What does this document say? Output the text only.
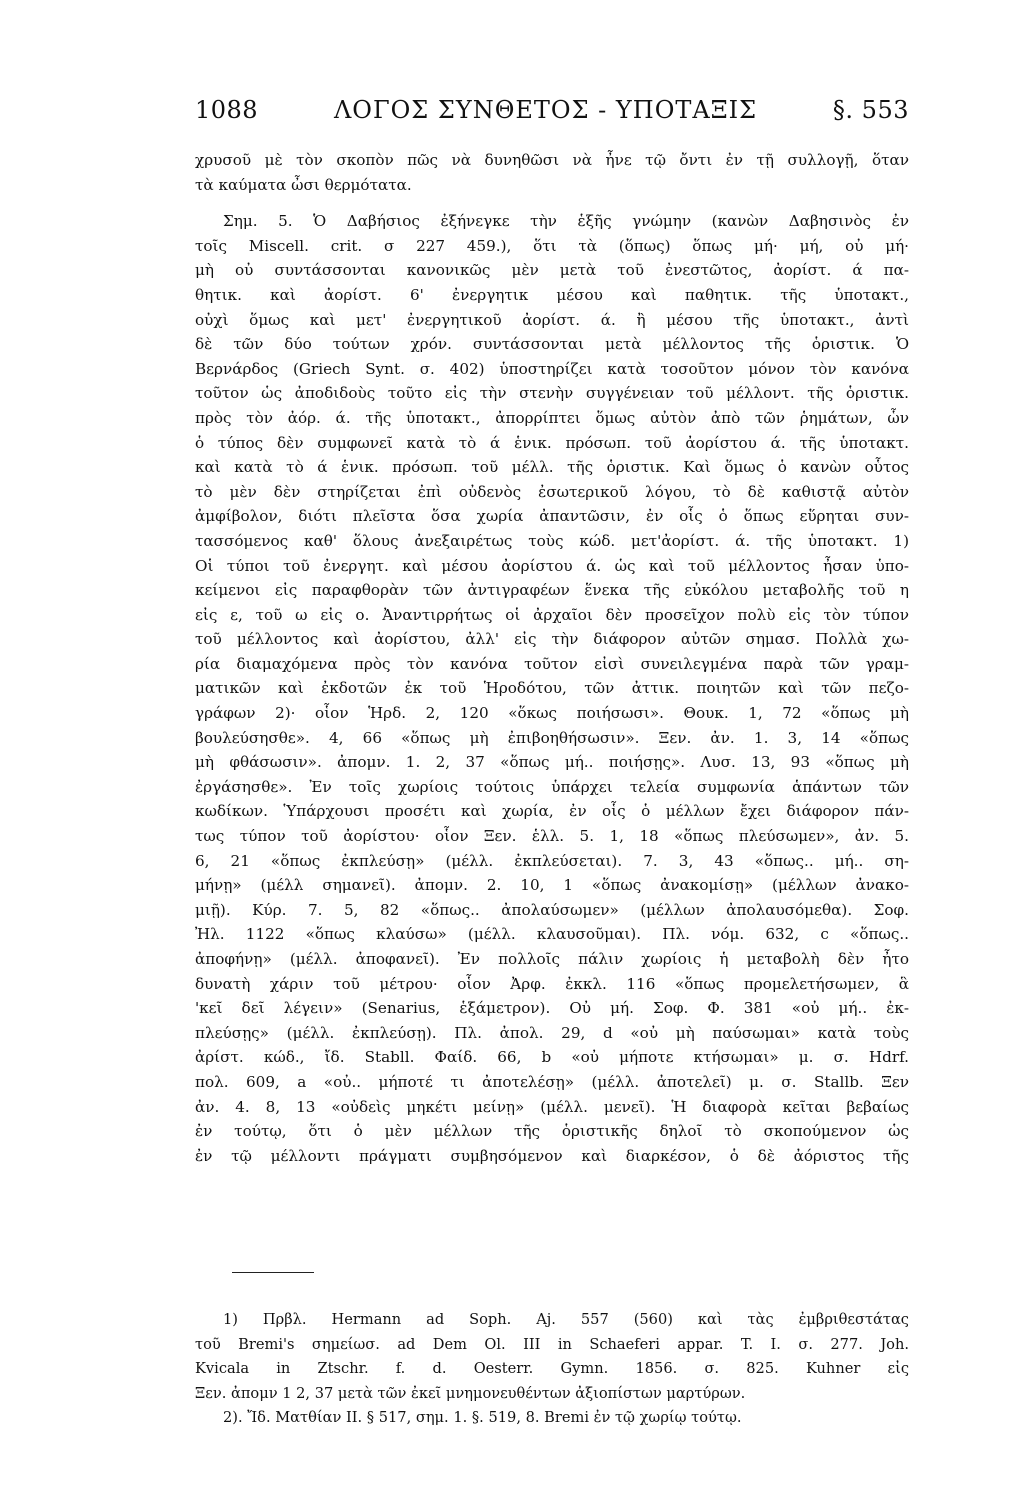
1088	ΛΟΓΟΣ ΣΥΝΘΕΤΟΣ - ΥΠΟΤΑΞΙΣ	§. 553
χρυσοῦ μὲ τὸν σκοπὸν πῶς νὰ δυνηθῶσι νὰ ἦνε τῷ ὄντι ἐν τῇ συλλογῇ, ὅταν
τὰ καύματα ὦσι θερμότατα.
Σημ. 5. Ὁ Δαβήσιος ἐξήνεγκε τὴν ἑξῆς γνώμην (κανὼν Δαβησινὸς ἐν
τοῖς Miscell. crit. σ 227 459.), ὅτι τὰ (ὅπως) ὅπως μή· μή, οὐ μή·
μὴ οὐ συντάσσονται κανονικῶς μὲν μετὰ τοῦ ἐνεστῶτος, ἀορίστ. ά πα-
θητικ. καὶ ἀορίστ. 6' ἐνεργητικ μέσου καὶ παθητικ. τῆς ὑποτακτ.,
οὐχὶ ὅμως καὶ μετ' ἐνεργητικοῦ ἀορίστ. ά. ἢ μέσου τῆς ὑποτακτ., ἀντὶ
δὲ τῶν δύο τούτων χρόν. συντάσσονται μετὰ μέλλοντος τῆς ὁριστικ. Ὁ
Βερνάρδος (Griech Synt. σ. 402) ὑποστηρίζει κατὰ τοσοῦτον μόνον τὸν κανόνα
τοῦτον ὡς ἀποδιδοὺς τοῦτο εἰς τὴν στενὴν συγγένειαν τοῦ μέλλοντ. τῆς ὁριστικ.
πρὸς τὸν ἀόρ. ά. τῆς ὑποτακτ., ἀπορρίπτει ὅμως αὐτὸν ἀπὸ τῶν ῥημάτων, ὧν
ὁ τύπος δὲν συμφωνεῖ κατὰ τὸ ά ἑνικ. πρόσωπ. τοῦ ἀορίστου ά. τῆς ὑποτακτ.
καὶ κατὰ τὸ ά ἑνικ. πρόσωπ. τοῦ μέλλ. τῆς ὁριστικ. Καὶ ὅμως ὁ κανὼν οὗτος
τὸ μὲν δὲν στηρίζεται ἐπὶ οὐδενὸς ἐσωτερικοῦ λόγου, τὸ δὲ καθιστᾷ αὐτὸν
ἀμφίβολον, διότι πλεῖστα ὅσα χωρία ἀπαντῶσιν, ἐν οἷς ὁ ὅπως εὕρηται συν-
τασσόμενος καθ' ὅλους ἀνεξαιρέτως τοὺς κώδ. μετ'ἀορίστ. ά. τῆς ὑποτακτ. 1)
Οἱ τύποι τοῦ ἐνεργητ. καὶ μέσου ἀορίστου ά. ὡς καὶ τοῦ μέλλοντος ἦσαν ὑπο-
κείμενοι εἰς παραφθορὰν τῶν ἀντιγραφέων ἕνεκα τῆς εὐκόλου μεταβολῆς τοῦ η
εἰς ε, τοῦ ω εἰς ο. Ἀναντιρρήτως οἱ ἀρχαῖοι δὲν προσεῖχον πολὺ εἰς τὸν τύπον
τοῦ μέλλοντος καὶ ἀορίστου, ἀλλ' εἰς τὴν διάφορον αὐτῶν σημασ. Πολλὰ χω-
ρία διαμαχόμενα πρὸς τὸν κανόνα τοῦτον εἰσὶ συνειλεγμένα παρὰ τῶν γραμ-
ματικῶν καὶ ἐκδοτῶν ἐκ τοῦ Ἡροδότου, τῶν ἀττικ. ποιητῶν καὶ τῶν πεζο-
γράφων 2)· οἷον Ἡρδ. 2, 120 «ὅκως ποιήσωσι». Θουκ. 1, 72 «ὅπως μὴ
βουλεύσησθε». 4, 66 «ὅπως μὴ ἐπιβοηθήσωσιν». Ξεν. ἀν. 1. 3, 14 «ὅπως
μὴ φθάσωσιν». ἀπομν. 1. 2, 37 «ὅπως μή.. ποιήσῃς». Λυσ. 13, 93 «ὅπως μὴ
ἐργάσησθε». Ἐν τοῖς χωρίοις τούτοις ὑπάρχει τελεία συμφωνία ἁπάντων τῶν
κωδίκων. Ὑπάρχουσι προσέτι καὶ χωρία, ἐν οἷς ὁ μέλλων ἔχει διάφορον πάν-
τως τύπον τοῦ ἀορίστου· οἷον Ξεν. ἑλλ. 5. 1, 18 «ὅπως πλεύσωμεν», ἀν. 5.
6, 21 «ὅπως ἐκπλεύσῃ» (μέλλ. ἐκπλεύσεται). 7. 3, 43 «ὅπως.. μή.. ση-
μήνῃ» (μέλλ σημανεῖ). ἀπομν. 2. 10, 1 «ὅπως ἀνακομίσῃ» (μέλλων ἀνακο-
μιῇ). Κύρ. 7. 5, 82 «ὅπως.. ἀπολαύσωμεν» (μέλλων ἀπολαυσόμεθα). Σοφ.
Ἠλ. 1122 «ὅπως κλαύσω» (μέλλ. κλαυσοῦμαι). Πλ. νόμ. 632, c «ὅπως..
ἀποφήνῃ» (μέλλ. ἀποφανεῖ). Ἐν πολλοῖς πάλιν χωρίοις ἡ μεταβολὴ δὲν ἦτο
δυνατὴ χάριν τοῦ μέτρου· οἷον Ἀρφ. ἐκκλ. 116 «ὅπως προμελετήσωμεν, ἃ
'κεῖ δεῖ λέγειν» (Senarius, ἑξάμετρον). Οὐ μή. Σοφ. Φ. 381 «οὐ μή.. ἐκ-
πλεύσῃς» (μέλλ. ἐκπλεύσῃ). Πλ. ἀπολ. 29, d «οὐ μὴ παύσωμαι» κατὰ τοὺς
ἀρίστ. κώδ., ἴδ. Stabll. Φαίδ. 66, b «οὐ μήποτε κτήσωμαι» μ. σ. Hdrf.
πολ. 609, a «οὐ.. μήποτέ τι ἀποτελέσῃ» (μέλλ. ἀποτελεῖ) μ. σ. Stallb. Ξεν
ἀν. 4. 8, 13 «οὐδεὶς μηκέτι μείνῃ» (μέλλ. μενεῖ). Ἡ διαφορὰ κεῖται βεβαίως
ἐν τούτῳ, ὅτι ὁ μὲν μέλλων τῆς ὁριστικῆς δηλοῖ τὸ σκοπούμενον ὡς
ἐν τῷ μέλλοντι πράγματι συμβησόμενον καὶ διαρκέσον, ὁ δὲ ἀόριστος τῆς
1) Πρβλ. Hermann ad Soph. Aj. 557 (560) καὶ τὰς ἐμβριθεστάτας
τοῦ Bremi's σημείωσ. ad Dem Ol. III in Schaeferi appar. T. I. σ. 277. Joh.
Kvicala in Ztschr. f. d. Oesterr. Gymn. 1856. σ. 825. Kuhner εἰς
Ξεν. ἀπομν 1 2, 37 μετὰ τῶν ἐκεῖ μνημονευθέντων ἀξιοπίστων μαρτύρων.
2). Ἴδ. Ματθίαν II. § 517, σημ. 1. §. 519, 8. Bremi ἐν τῷ χωρίῳ τούτῳ.
